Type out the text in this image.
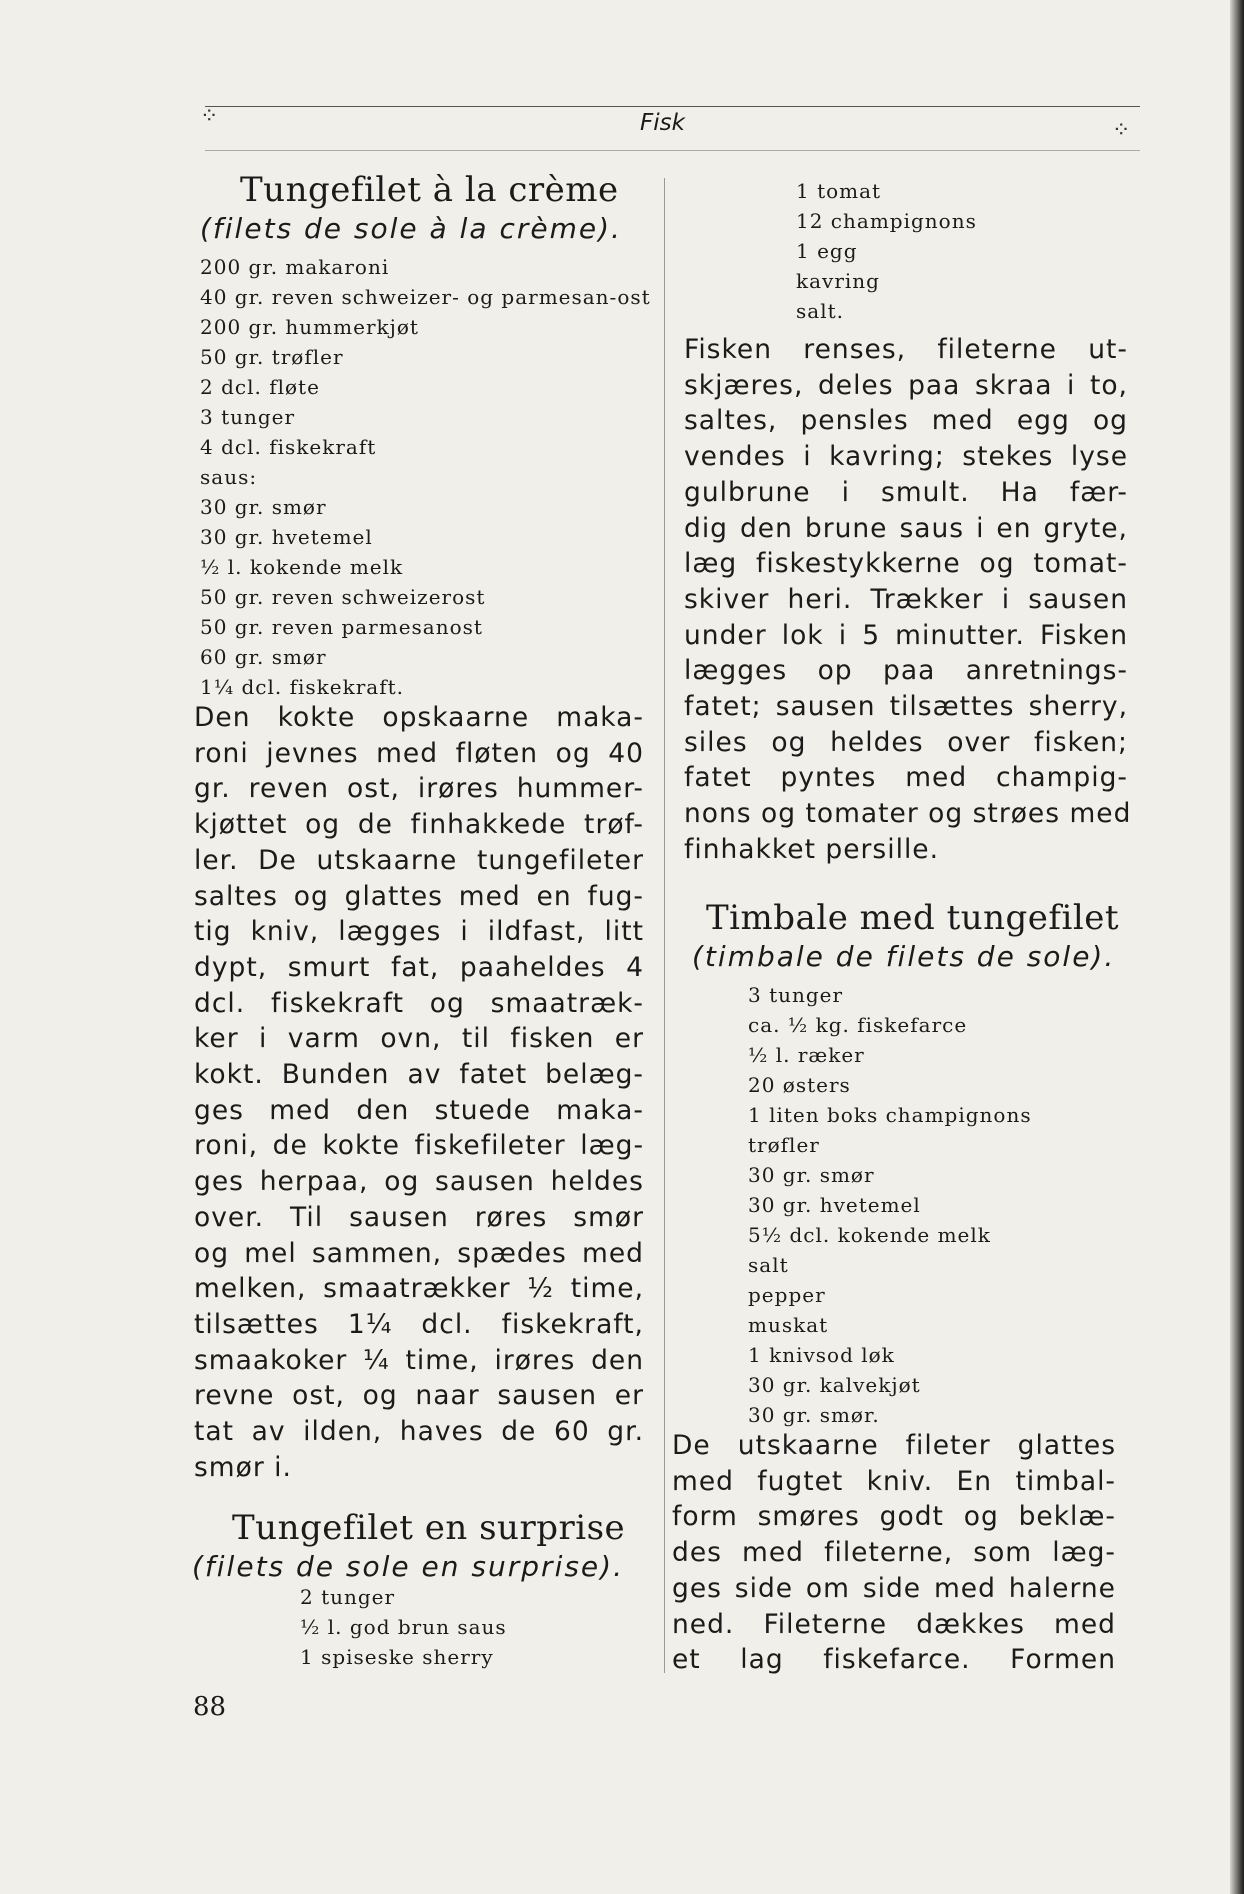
⁘	Fisk	⁘
Tungefilet à la crème
(filets de sole à la crème).
200 gr. makaroni
40 gr. reven schweizer- og parmesan-ost
200 gr. hummerkjøt
50 gr. trøfler
2 dcl. fløte
3 tunger
4 dcl. fiskekraft
saus:
30 gr. smør
30 gr. hvetemel
½ l. kokende melk
50 gr. reven schweizerost
50 gr. reven parmesanost
60 gr. smør
1¼ dcl. fiskekraft.
Den kokte opskaarne maka-
roni jevnes med fløten og 40
gr. reven ost, irøres hummer-
kjøttet og de finhakkede trøf-
ler. De utskaarne tungefileter
saltes og glattes med en fug-
tig kniv, lægges i ildfast, litt
dypt, smurt fat, paaheldes 4
dcl. fiskekraft og smaatræk-
ker i varm ovn, til fisken er
kokt. Bunden av fatet belæg-
ges med den stuede maka-
roni, de kokte fiskefileter læg-
ges herpaa, og sausen heldes
over. Til sausen røres smør
og mel sammen, spædes med
melken, smaatrækker ½ time,
tilsættes 1¼ dcl. fiskekraft,
smaakoker ¼ time, irøres den
revne ost, og naar sausen er
tat av ilden, haves de 60 gr.
smør i.
Tungefilet en surprise
(filets de sole en surprise).
2 tunger
½ l. god brun saus
1 spiseske sherry
1 tomat
12 champignons
1 egg
kavring
salt.
Fisken renses, fileterne ut-
skjæres, deles paa skraa i to,
saltes, pensles med egg og
vendes i kavring; stekes lyse
gulbrune i smult. Ha fær-
dig den brune saus i en gryte,
læg fiskestykkerne og tomat-
skiver heri. Trækker i sausen
under lok i 5 minutter. Fisken
lægges op paa anretnings-
fatet; sausen tilsættes sherry,
siles og heldes over fisken;
fatet pyntes med champig-
nons og tomater og strøes med
finhakket persille.
Timbale med tungefilet
(timbale de filets de sole).
3 tunger
ca. ½ kg. fiskefarce
½ l. ræker
20 østers
1 liten boks champignons
trøfler
30 gr. smør
30 gr. hvetemel
5½ dcl. kokende melk
salt
pepper
muskat
1 knivsod løk
30 gr. kalvekjøt
30 gr. smør.
De utskaarne fileter glattes
med fugtet kniv. En timbal-
form smøres godt og beklæ-
des med fileterne, som læg-
ges side om side med halerne
ned. Fileterne dækkes med
et lag fiskefarce. Formen
88
